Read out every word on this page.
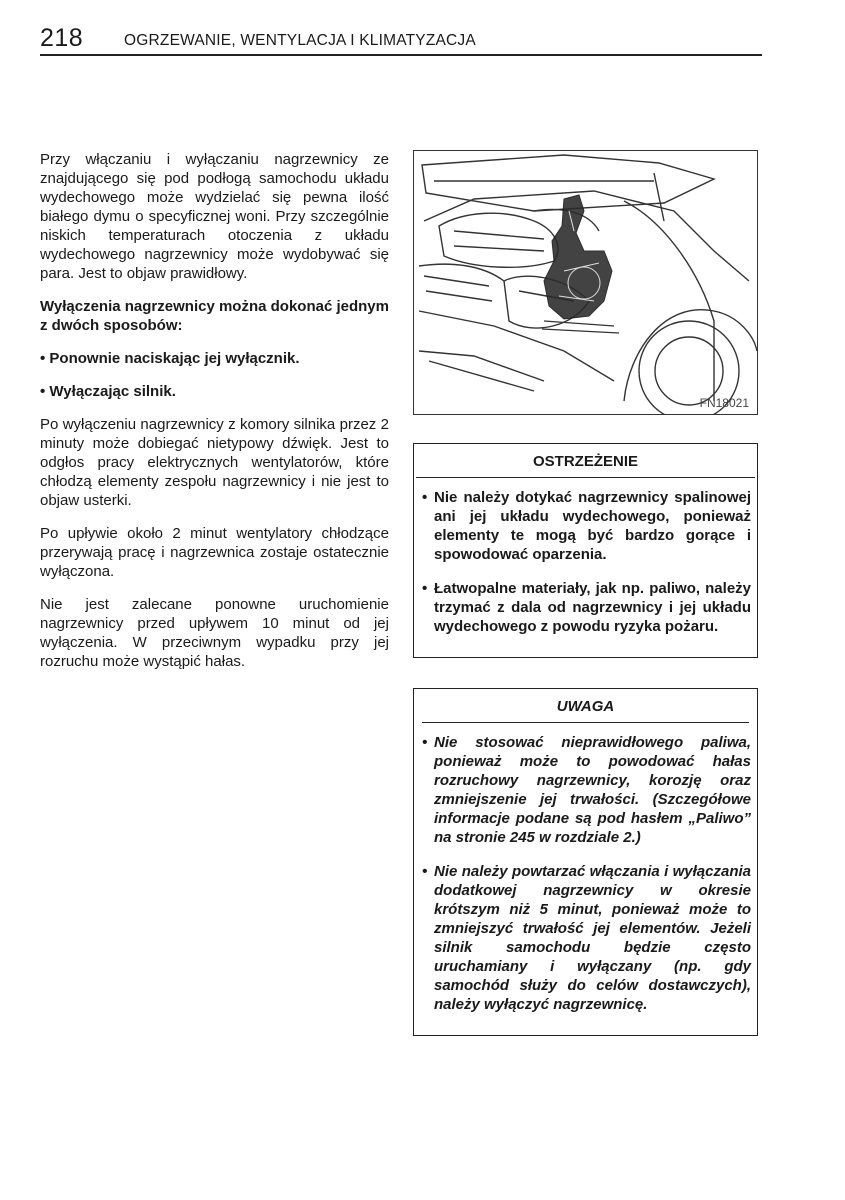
218	OGRZEWANIE, WENTYLACJA I KLIMATYZACJA

Przy włączaniu i wyłączaniu nagrzewnicy ze znajdującego się pod podłogą samochodu układu wydechowego może wydzielać się pewna ilość białego dymu o specyficznej woni. Przy szczególnie niskich temperaturach otoczenia z układu wydechowego nagrzewnicy może wydobywać się para. Jest to objaw prawidłowy.

Wyłączenia nagrzewnicy można dokonać jednym z dwóch sposobów:

• Ponownie naciskając jej wyłącznik.

• Wyłączając silnik.

Po wyłączeniu nagrzewnicy z komory silnika przez 2 minuty może dobiegać nietypowy dźwięk. Jest to odgłos pracy elektrycznych wentylatorów, które chłodzą elementy zespołu nagrzewnicy i nie jest to objaw usterki.

Po upływie około 2 minut wentylatory chłodzące przerywają pracę i nagrzewnica zostaje ostatecznie wyłączona.

Nie jest zalecane ponowne uruchomienie nagrzewnicy przed upływem 10 minut od jej wyłączenia. W przeciwnym wypadku przy jej rozruchu może wystąpić hałas.

FN18021
OSTRZEŻENIE
• Nie należy dotykać nagrzewnicy spalinowej ani jej układu wydechowego, ponieważ elementy te mogą być bardzo gorące i spowodować oparzenia.
• Łatwopalne materiały, jak np. paliwo, należy trzymać z dala od nagrzewnicy i jej układu wydechowego z powodu ryzyka pożaru.
UWAGA
• Nie stosować nieprawidłowego paliwa, ponieważ może to powodować hałas rozruchowy nagrzewnicy, korozję oraz zmniejszenie jej trwałości. (Szczegółowe informacje podane są pod hasłem „Paliwo” na stronie 245 w rozdziale 2.)
• Nie należy powtarzać włączania i wyłączania dodatkowej nagrzewnicy w okresie krótszym niż 5 minut, ponieważ może to zmniejszyć trwałość jej elementów. Jeżeli silnik samochodu będzie często uruchamiany i wyłączany (np. gdy samochód służy do celów dostawczych), należy wyłączyć nagrzewnicę.
